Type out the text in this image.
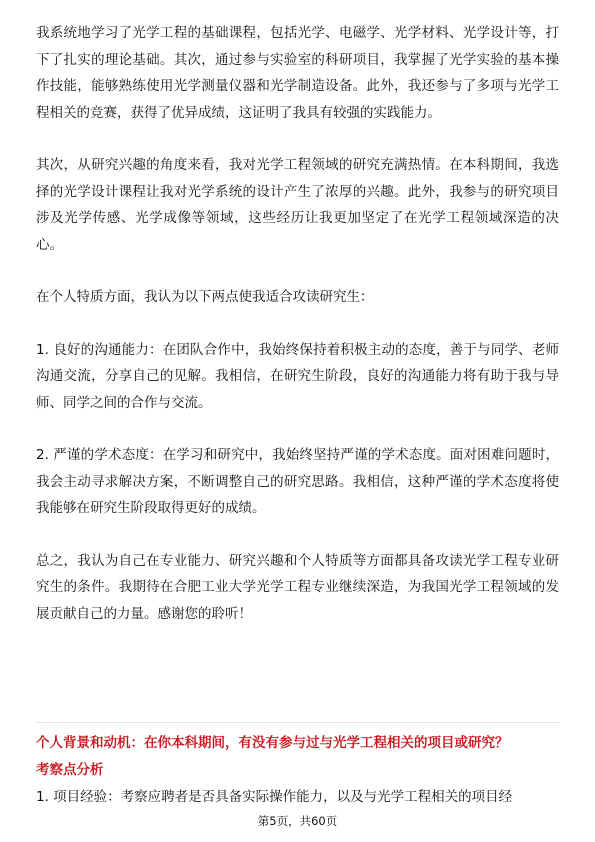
我系统地学习了光学工程的基础课程，包括光学、电磁学、光学材料、光学设计等，打下了扎实的理论基础。其次，通过参与实验室的科研项目，我掌握了光学实验的基本操作技能，能够熟练使用光学测量仪器和光学制造设备。此外，我还参与了多项与光学工程相关的竞赛，获得了优异成绩，这证明了我具有较强的实践能力。

其次，从研究兴趣的角度来看，我对光学工程领域的研究充满热情。在本科期间，我选择的光学设计课程让我对光学系统的设计产生了浓厚的兴趣。此外，我参与的研究项目涉及光学传感、光学成像等领域，这些经历让我更加坚定了在光学工程领域深造的决心。

在个人特质方面，我认为以下两点使我适合攻读研究生：

1. 良好的沟通能力：在团队合作中，我始终保持着积极主动的态度，善于与同学、老师沟通交流，分享自己的见解。我相信，在研究生阶段，良好的沟通能力将有助于我与导师、同学之间的合作与交流。

2. 严谨的学术态度：在学习和研究中，我始终坚持严谨的学术态度。面对困难问题时，我会主动寻求解决方案，不断调整自己的研究思路。我相信，这种严谨的学术态度将使我能够在研究生阶段取得更好的成绩。

总之，我认为自己在专业能力、研究兴趣和个人特质等方面都具备攻读光学工程专业研究生的条件。我期待在合肥工业大学光学工程专业继续深造，为我国光学工程领域的发展贡献自己的力量。感谢您的聆听！

个人背景和动机：在你本科期间，有没有参与过与光学工程相关的项目或研究？

考察点分析

1. 项目经验：考察应聘者是否具备实际操作能力，以及与光学工程相关的项目经

第5页，共60页
